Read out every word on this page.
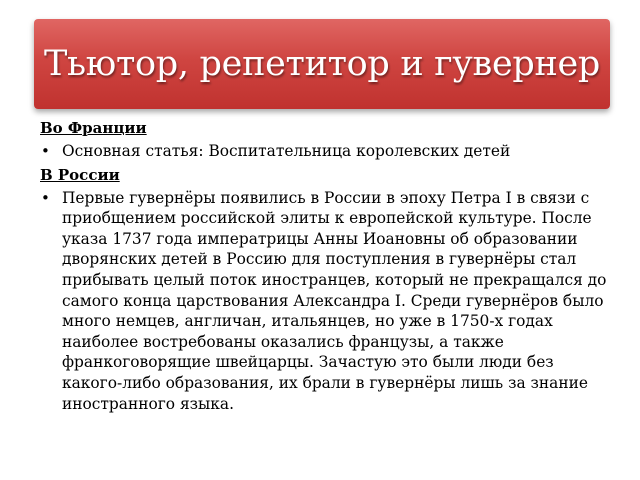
Тьютор, репетитор и гувернер
Во Франции
• Основная статья: Воспитательница королевских детей
В России
• Первые гувернёры появились в России в эпоху Петра I в связи с приобщением российской элиты к европейской культуре. После указа 1737 года императрицы Анны Иоановны об образовании дворянских детей в Россию для поступления в гувернёры стал прибывать целый поток иностранцев, который не прекращался до самого конца царствования Александра I. Среди гувернёров было много немцев, англичан, итальянцев, но уже в 1750-х годах наиболее востребованы оказались французы, а также франкоговорящие швейцарцы. Зачастую это были люди без какого-либо образования, их брали в гувернёры лишь за знание иностранного языка.
